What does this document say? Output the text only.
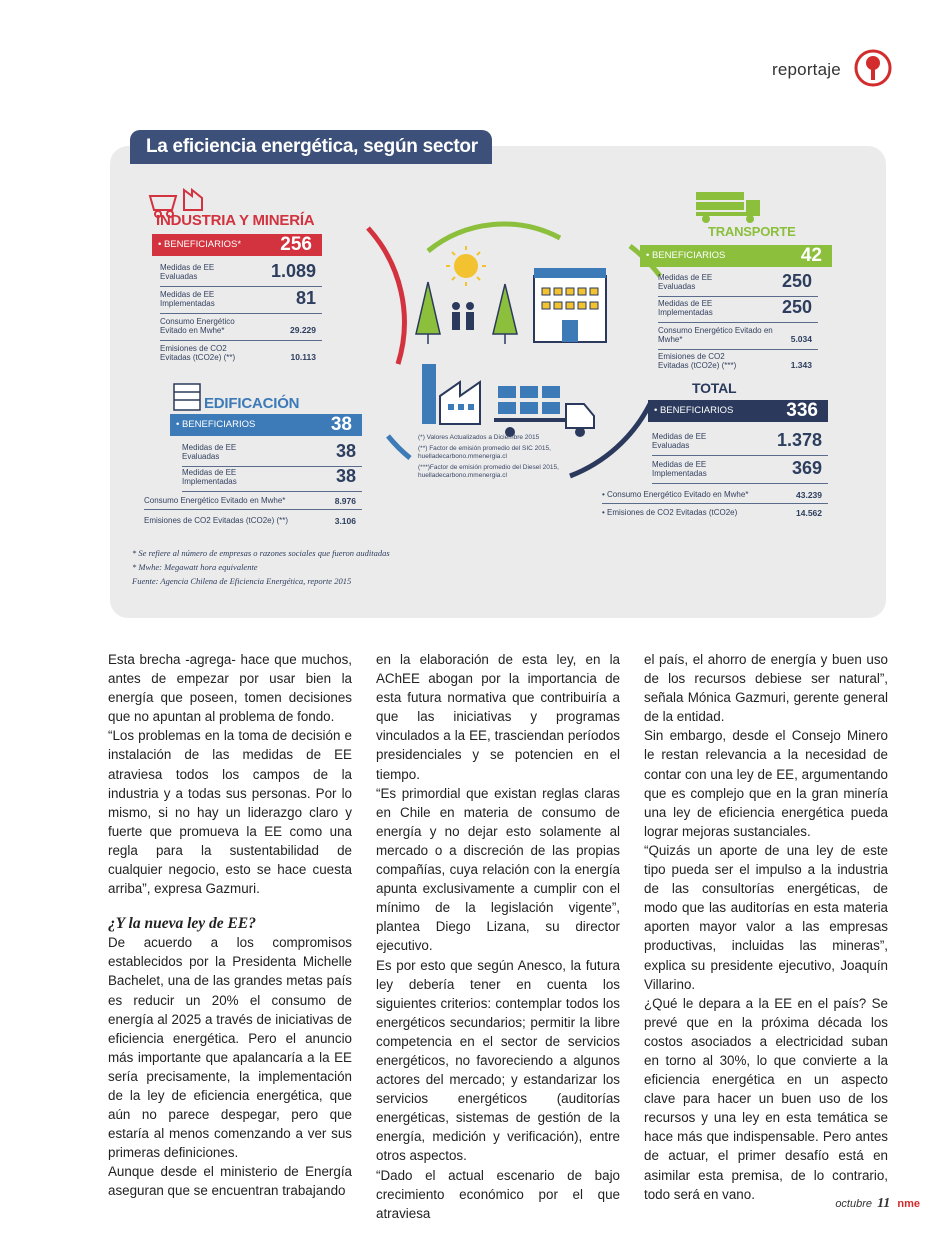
reportaje
La eficiencia energética, según sector
INDUSTRIA Y MINERÍA
• BENEFICIARIOS* 256
Medidas de EE Evaluadas	1.089
Medidas de EE Implementadas	81
Consumo Energético Evitado en Mwhe*	29.229
Emisiones de CO2 Evitadas (tCO2e) (**)	10.113
EDIFICACIÓN
• BENEFICIARIOS	38
Medidas de EE Evaluadas	38
Medidas de EE Implementadas	38
Consumo Energético Evitado en Mwhe*	8.976
Emisiones de CO2 Evitadas (tCO2e) (**)	3.106
TRANSPORTE
• BENEFICIARIOS	42
Medidas de EE Evaluadas	250
Medidas de EE Implementadas	250
Consumo Energético Evitado en Mwhe*	5.034
Emisiones de CO2 Evitadas (tCO2e) (***)	1.343
TOTAL
• BENEFICIARIOS	336
Medidas de EE Evaluadas	1.378
Medidas de EE Implementadas	369
• Consumo Energético Evitado en Mwhe*	43.239
• Emisiones de CO2 Evitadas (tCO2e)	14.562

(*) Valores Actualizados a Diciembre 2015

(**) Factor de emisión promedio del SIC 2015, huelladecarbono.mmenergia.cl

(***)Factor de emisión promedio del Diesel 2015, huelladecarbono.mmenergia.cl

* Se refiere al número de empresas o razones sociales que fueron auditadas
* Mwhe: Megawatt hora equivalente
Fuente: Agencia Chilena de Eficiencia Energética, reporte 2015

Esta brecha -agrega- hace que muchos, antes de empezar por usar bien la energía que poseen, tomen decisiones que no apuntan al problema de fondo.

“Los problemas en la toma de decisión e instalación de las medidas de EE atraviesa todos los campos de la industria y a todas sus personas. Por lo mismo, si no hay un liderazgo claro y fuerte que promueva la EE como una regla para la sustentabilidad de cualquier negocio, esto se hace cuesta arriba”, expresa Gazmuri.

¿Y la nueva ley de EE?

De acuerdo a los compromisos establecidos por la Presidenta Michelle Bachelet, una de las grandes metas país es reducir un 20% el consumo de energía al 2025 a través de iniciativas de eficiencia energética. Pero el anuncio más importante que apalancaría a la EE sería precisamente, la implementación de la ley de eficiencia energética, que aún no parece despegar, pero que estaría al menos comenzando a ver sus primeras definiciones.

Aunque desde el ministerio de Energía aseguran que se encuentran trabajando

en la elaboración de esta ley, en la AChEE abogan por la importancia de esta futura normativa que contribuiría a que las iniciativas y programas vinculados a la EE, trasciendan períodos presidenciales y se potencien en el tiempo.

“Es primordial que existan reglas claras en Chile en materia de consumo de energía y no dejar esto solamente al mercado o a discreción de las propias compañías, cuya relación con la energía apunta exclusivamente a cumplir con el mínimo de la legislación vigente”, plantea Diego Lizana, su director ejecutivo.

Es por esto que según Anesco, la futura ley debería tener en cuenta los siguientes criterios: contemplar todos los energéticos secundarios; permitir la libre competencia en el sector de servicios energéticos, no favoreciendo a algunos actores del mercado; y estandarizar los servicios energéticos (auditorías energéticas, sistemas de gestión de la energía, medición y verificación), entre otros aspectos.

“Dado el actual escenario de bajo crecimiento económico por el que atraviesa

el país, el ahorro de energía y buen uso de los recursos debiese ser natural”, señala Mónica Gazmuri, gerente general de la entidad.

Sin embargo, desde el Consejo Minero le restan relevancia a la necesidad de contar con una ley de EE, argumentando que es complejo que en la gran minería una ley de eficiencia energética pueda lograr mejoras sustanciales.

“Quizás un aporte de una ley de este tipo pueda ser el impulso a la industria de las consultorías energéticas, de modo que las auditorías en esta materia aporten mayor valor a las empresas productivas, incluidas las mineras”, explica su presidente ejecutivo, Joaquín Villarino.

¿Qué le depara a la EE en el país? Se prevé que en la próxima década los costos asociados a electricidad suban en torno al 30%, lo que convierte a la eficiencia energética en un aspecto clave para hacer un buen uso de los recursos y una ley en esta temática se hace más que indispensable. Pero antes de actuar, el primer desafío está en asimilar esta premisa, de lo contrario, todo será en vano.

octubre 11 nme
